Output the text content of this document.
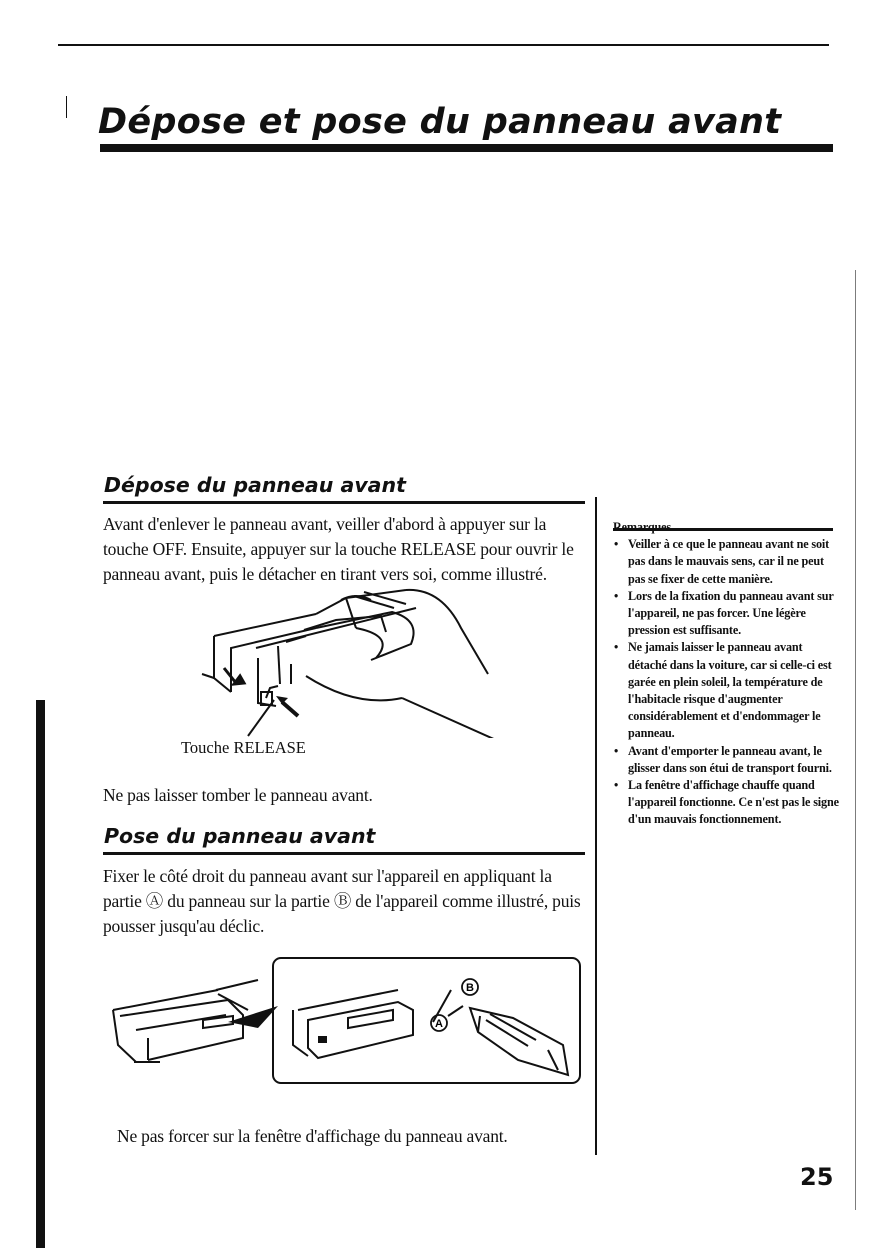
Dépose et pose du panneau avant
Dépose du panneau avant
Avant d'enlever le panneau avant, veiller d'abord à appuyer sur la touche OFF. Ensuite, appuyer sur la touche RELEASE pour ouvrir le panneau avant, puis le détacher en tirant vers soi, comme illustré.
Touche RELEASE
Ne pas laisser tomber le panneau avant.
Pose du panneau avant
Fixer le côté droit du panneau avant sur l'appareil en appliquant la partie Ⓐ du panneau sur la partie Ⓑ de l'appareil comme illustré, puis pousser jusqu'au déclic.
B
A
Ne pas forcer sur la fenêtre d'affichage du panneau avant.
Remarques
• Veiller à ce que le panneau avant ne soit pas dans le mauvais sens, car il ne peut pas se fixer de cette manière.
• Lors de la fixation du panneau avant sur l'appareil, ne pas forcer. Une légère pression est suffisante.
• Ne jamais laisser le panneau avant détaché dans la voiture, car si celle-ci est garée en plein soleil, la température de l'habitacle risque d'augmenter considérablement et d'endommager le panneau.
• Avant d'emporter le panneau avant, le glisser dans son étui de transport fourni.
• La fenêtre d'affichage chauffe quand l'appareil fonctionne. Ce n'est pas le signe d'un mauvais fonctionnement.
25
